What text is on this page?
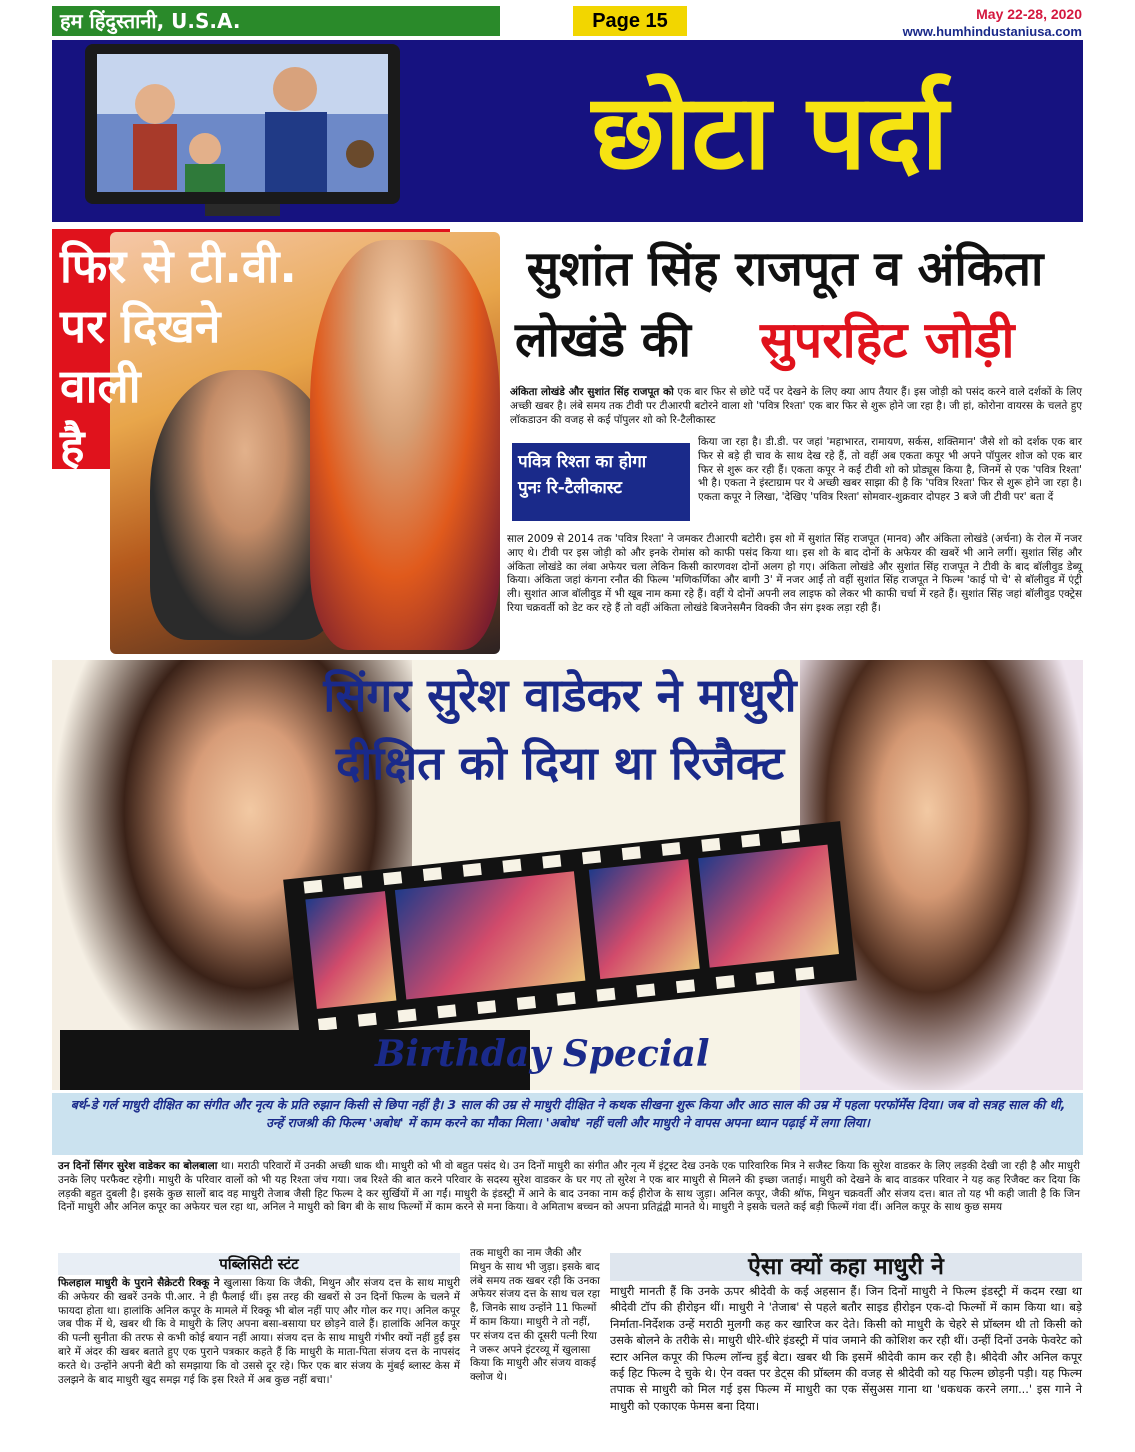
हम हिंदुस्तानी, U.S.A.	Page 15	May 22-28, 2020
www.humhindustaniusa.com
छोटा पर्दा
फिर से टी.वी.
पर दिखने
वाली
है
सुशांत सिंह राजपूत व अंकिता
लोखंडे की सुपरहिट जोड़ी
अंकिता लोखंडे और सुशांत सिंह राजपूत को एक बार फिर से छोटे पर्दे पर देखने के लिए क्या आप तैयार हैं। इस जोड़ी को पसंद करने वाले दर्शकों के लिए अच्छी खबर है। लंबे समय तक टीवी पर टीआरपी बटोरने वाला शो 'पवित्र रिश्ता' एक बार फिर से शुरू होने जा रहा है। जी हां, कोरोना वायरस के चलते हुए लॉकडाउन की वजह से कई पॉपुलर शो को रि-टैलीकास्ट
पवित्र रिश्ता का होगा
पुनः रि-टैलीकास्ट
किया जा रहा है। डी.डी. पर जहां 'महाभारत, रामायण, सर्कस, शक्तिमान' जैसे शो को दर्शक एक बार फिर से बड़े ही चाव के साथ देख रहे हैं, तो वहीं अब एकता कपूर भी अपने पॉपुलर शोज को एक बार फिर से शुरू कर रही हैं। एकता कपूर ने कई टीवी शो को प्रोड्यूस किया है, जिनमें से एक 'पवित्र रिश्ता' भी है। एकता ने इंस्टाग्राम पर ये अच्छी खबर साझा की है कि 'पवित्र रिश्ता' फिर से शुरू होने जा रहा है। एकता कपूर ने लिखा, 'देखिए 'पवित्र रिश्ता' सोमवार-शुक्रवार दोपहर 3 बजे जी टीवी पर' बता दें
साल 2009 से 2014 तक 'पवित्र रिश्ता' ने जमकर टीआरपी बटोरी। इस शो में सुशांत सिंह राजपूत (मानव) और अंकिता लोखंडे (अर्चना) के रोल में नजर आए थे। टीवी पर इस जोड़ी को और इनके रोमांस को काफी पसंद किया था। इस शो के बाद दोनों के अफेयर की खबरें भी आने लगीं। सुशांत सिंह और अंकिता लोखंडे का लंबा अफेयर चला लेकिन किसी कारणवश दोनों अलग हो गए। अंकिता लोखंडे और सुशांत सिंह राजपूत ने टीवी के बाद बॉलीवुड डेब्यू किया। अंकिता जहां कंगना रनौत की फिल्म 'मणिकर्णिका और बागी 3' में नजर आईं तो वहीं सुशांत सिंह राजपूत ने फिल्म 'काई पो चे' से बॉलीवुड में एंट्री ली। सुशांत आज बॉलीवुड में भी खूब नाम कमा रहे हैं। वहीं ये दोनों अपनी लव लाइफ को लेकर भी काफी चर्चा में रहते हैं। सुशांत सिंह जहां बॉलीवुड एक्ट्रेस रिया चक्रवर्ती को डेट कर रहे हैं तो वहीं अंकिता लोखंडे बिजनेसमैन विक्की जैन संग इश्क लड़ा रही हैं।
सिंगर सुरेश वाडेकर ने माधुरी
दीक्षित को दिया था रिजैक्ट
Birthday Special
बर्थ-डे गर्ल माधुरी दीक्षित का संगीत और नृत्य के प्रति रुझान किसी से छिपा नहीं है। 3 साल की उम्र से माधुरी दीक्षित ने कथक सीखना शुरू किया और आठ साल की उम्र में पहला परफॉर्मेंस दिया। जब वो सत्रह साल की थी, उन्हें राजश्री की फिल्म 'अबोध' में काम करने का मौका मिला। 'अबोध' नहीं चली और माधुरी ने वापस अपना ध्यान पढ़ाई में लगा लिया।
उन दिनों सिंगर सुरेश वाडेकर का बोलबाला था। मराठी परिवारों में उनकी अच्छी धाक थी। माधुरी को भी वो बहुत पसंद थे। उन दिनों माधुरी का संगीत और नृत्य में इंट्रस्ट देख उनके एक पारिवारिक मित्र ने सजैस्ट किया कि सुरेश वाडकर के लिए लड़की देखी जा रही है और माधुरी उनके लिए परफैक्ट रहेगी। माधुरी के परिवार वालों को भी यह रिश्ता जंच गया। जब रिश्ते की बात करने परिवार के सदस्य सुरेश वाडकर के घर गए तो सुरेश ने एक बार माधुरी से मिलने की इच्छा जताई। माधुरी को देखने के बाद वाडकर परिवार ने यह कह रिजैक्ट कर दिया कि लड़की बहुत दुबली है। इसके कुछ सालों बाद वह माधुरी तेजाब जैसी हिट फिल्म दे कर सुर्खियों में आ गईं। माधुरी के इंडस्ट्री में आने के बाद उनका नाम कई हीरोज के साथ जुड़ा। अनिल कपूर, जैकी श्रॉफ, मिथुन चक्रवर्ती और संजय दत्त। बात तो यह भी कही जाती है कि जिन दिनों माधुरी और अनिल कपूर का अफेयर चल रहा था, अनिल ने माधुरी को बिग बी के साथ फिल्मों में काम करने से मना किया। वे अमिताभ बच्चन को अपना प्रतिद्वंद्वी मानते थे। माधुरी ने इसके चलते कई बड़ी फिल्में गंवा दीं। अनिल कपूर के साथ कुछ समय
पब्लिसिटी स्टंट
फिलहाल माधुरी के पुराने सैक्रेटरी रिक्कू ने खुलासा किया कि जैकी, मिथुन और संजय दत्त के साथ माधुरी की अफेयर की खबरें उनके पी.आर. ने ही फैलाई थीं। इस तरह की खबरों से उन दिनों फिल्म के चलने में फायदा होता था। हालांकि अनिल कपूर के मामले में रिक्कू भी बोल नहीं पाए और गोल कर गए। अनिल कपूर जब पीक में थे, खबर थी कि वे माधुरी के लिए अपना बसा-बसाया घर छोड़ने वाले हैं। हालांकि अनिल कपूर की पत्नी सुनीता की तरफ से कभी कोई बयान नहीं आया। संजय दत्त के साथ माधुरी गंभीर क्यों नहीं हुईं इस बारे में अंदर की खबर बताते हुए एक पुराने पत्रकार कहते हैं कि माधुरी के माता-पिता संजय दत्त के नापसंद करते थे। उन्होंने अपनी बेटी को समझाया कि वो उससे दूर रहे। फिर एक बार संजय के मुंबई ब्लास्ट केस में उलझने के बाद माधुरी खुद समझ गई कि इस रिश्ते में अब कुछ नहीं बचा।'
तक माधुरी का नाम जैकी और मिथुन के साथ भी जुड़ा। इसके बाद लंबे समय तक खबर रही कि उनका अफेयर संजय दत्त के साथ चल रहा है, जिनके साथ उन्होंने 11 फिल्मों में काम किया। माधुरी ने तो नहीं, पर संजय दत्त की दूसरी पत्नी रिया ने जरूर अपने इंटरव्यू में खुलासा किया कि माधुरी और संजय वाकई क्लोज थे।
ऐसा क्यों कहा माधुरी ने
माधुरी मानती हैं कि उनके ऊपर श्रीदेवी के कई अहसान हैं। जिन दिनों माधुरी ने फिल्म इंडस्ट्री में कदम रखा था श्रीदेवी टॉप की हीरोइन थीं। माधुरी ने 'तेजाब' से पहले बतौर साइड हीरोइन एक-दो फिल्मों में काम किया था। बड़े निर्माता-निर्देशक उन्हें मराठी मुलगी कह कर खारिज कर देते। किसी को माधुरी के चेहरे से प्रॉब्लम थी तो किसी को उसके बोलने के तरीके से। माधुरी धीरे-धीरे इंडस्ट्री में पांव जमाने की कोशिश कर रही थीं। उन्हीं दिनों उनके फेवरेट को स्टार अनिल कपूर की फिल्म लॉन्च हुई बेटा। खबर थी कि इसमें श्रीदेवी काम कर रही है। श्रीदेवी और अनिल कपूर कई हिट फिल्म दे चुके थे। ऐन वक्त पर डेट्स की प्रॉब्लम की वजह से श्रीदेवी को यह फिल्म छोड़नी पड़ी। यह फिल्म तपाक से माधुरी को मिल गई इस फिल्म में माधुरी का एक सेंसुअस गाना था 'धकधक करने लगा...' इस गाने ने माधुरी को एकाएक फेमस बना दिया।
